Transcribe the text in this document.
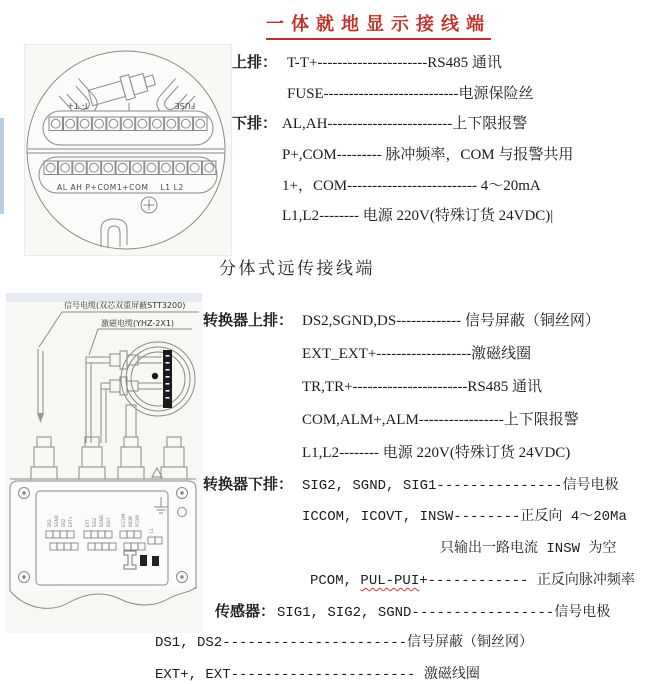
一体就地显示接线端
T- T+	FUSE
AL AH P+COM1+COM    L1 L2
上排： T-T+----------------------RS485 通讯
FUSE---------------------------电源保险丝
下排： AL,AH-------------------------上下限报警
P+,COM--------- 脉冲频率，COM 与报警共用
1+，COM-------------------------- 4～20mA
L1,L2-------- 电源 220V(特殊订货 24VDC)|
分体式远传接线端
信号电缆(双芯双重屏蔽STT3200)
激磁电缆(YHZ-2X1)
DS1 SGND DS2 EXT+	EXT SIG2 SGND SIG1	ICCOM INSW PCOM
L1
转换器上排： DS2,SGND,DS------------- 信号屏蔽（铜丝网）
EXT_EXT+-------------------激磁线圈
TR,TR+-----------------------RS485 通讯
COM,ALM+,ALM-----------------上下限报警
L1,L2-------- 电源 220V(特殊订货 24VDC)
转换器下排： SIG2, SGND, SIG1---------------信号电极
ICCOM, ICOVT, INSW--------正反向 4～20Ma
只输出一路电流 INSW 为空
PCOM, PUL-PUI+------------ 正反向脉冲频率
传感器： SIG1, SIG2, SGND-----------------信号电极
DS1, DS2----------------------信号屏蔽（铜丝网）
EXT+, EXT---------------------- 激磁线圈
